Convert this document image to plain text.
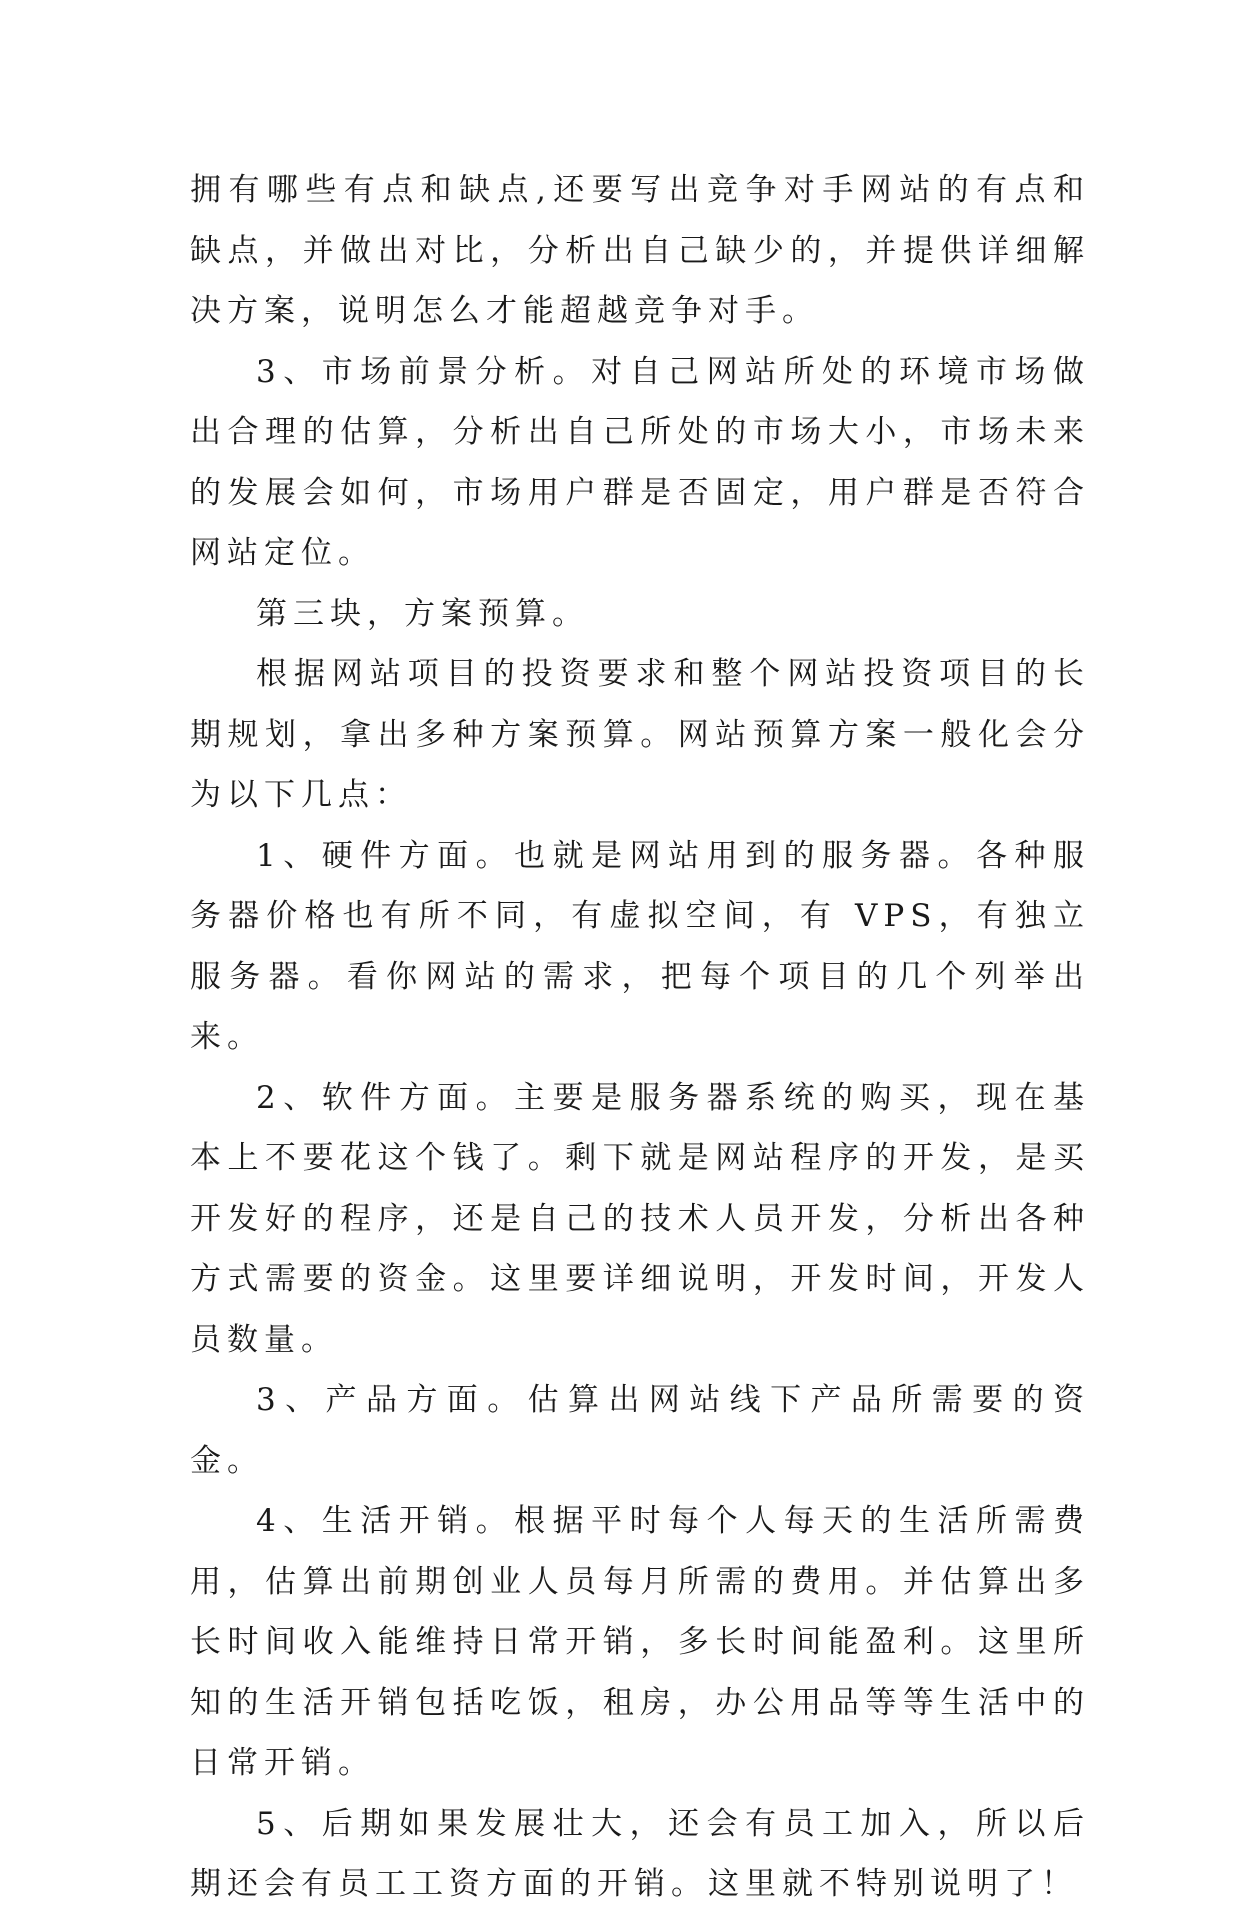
拥有哪些有点和缺点,还要写出竞争对手网站的有点和缺点，并做出对比，分析出自己缺少的，并提供详细解决方案，说明怎么才能超越竞争对手。

3、市场前景分析。对自己网站所处的环境市场做出合理的估算，分析出自己所处的市场大小，市场未来的发展会如何，市场用户群是否固定，用户群是否符合网站定位。

第三块，方案预算。

根据网站项目的投资要求和整个网站投资项目的长期规划，拿出多种方案预算。网站预算方案一般化会分为以下几点：

1、硬件方面。也就是网站用到的服务器。各种服务器价格也有所不同，有虚拟空间，有 VPS，有独立服务器。看你网站的需求，把每个项目的几个列举出来。

2、软件方面。主要是服务器系统的购买，现在基本上不要花这个钱了。剩下就是网站程序的开发，是买开发好的程序，还是自己的技术人员开发，分析出各种方式需要的资金。这里要详细说明，开发时间，开发人员数量。

3、产品方面。估算出网站线下产品所需要的资金。

4、生活开销。根据平时每个人每天的生活所需费用，估算出前期创业人员每月所需的费用。并估算出多长时间收入能维持日常开销，多长时间能盈利。这里所知的生活开销包括吃饭，租房，办公用品等等生活中的日常开销。

5、后期如果发展壮大，还会有员工加入，所以后期还会有员工工资方面的开销。这里就不特别说明了！
